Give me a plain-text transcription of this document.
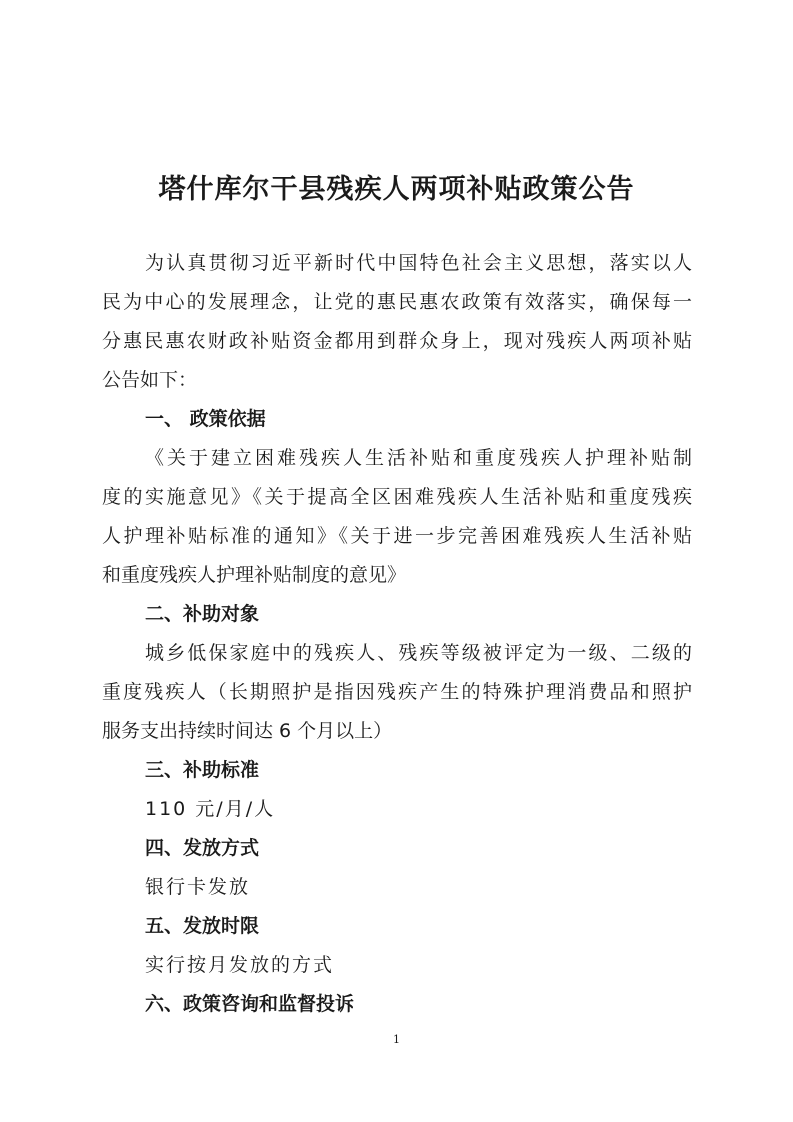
塔什库尔干县残疾人两项补贴政策公告
为认真贯彻习近平新时代中国特色社会主义思想，落实以人
民为中心的发展理念，让党的惠民惠农政策有效落实，确保每一
分惠民惠农财政补贴资金都用到群众身上，现对残疾人两项补贴
公告如下：
一、 政策依据
《关于建立困难残疾人生活补贴和重度残疾人护理补贴制
度的实施意见》《关于提高全区困难残疾人生活补贴和重度残疾
人护理补贴标准的通知》《关于进一步完善困难残疾人生活补贴
和重度残疾人护理补贴制度的意见》
二、补助对象
城乡低保家庭中的残疾人、残疾等级被评定为一级、二级的
重度残疾人（长期照护是指因残疾产生的特殊护理消费品和照护
服务支出持续时间达 6 个月以上）
三、补助标准
110 元/月/人
四、发放方式
银行卡发放
五、发放时限
实行按月发放的方式
六、政策咨询和监督投诉
1
